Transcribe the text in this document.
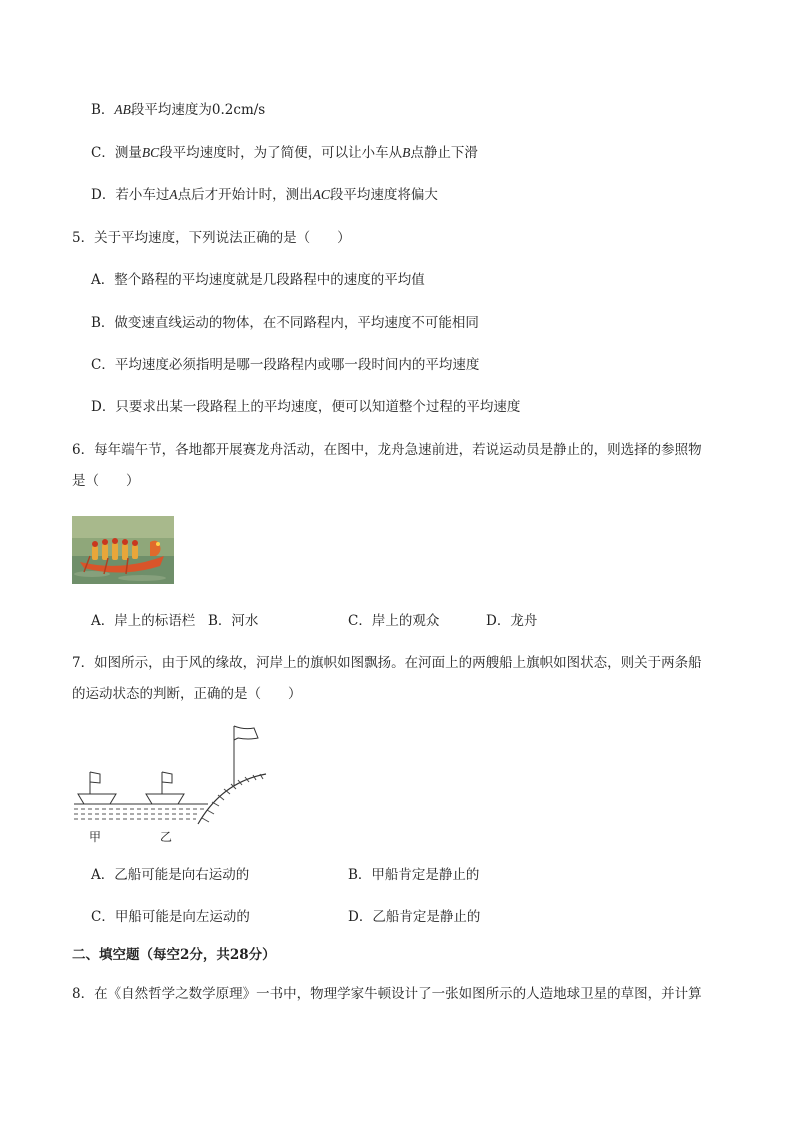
B．AB段平均速度为0.2cm/s
C．测量BC段平均速度时，为了简便，可以让小车从B点静止下滑
D．若小车过A点后才开始计时，测出AC段平均速度将偏大
5．关于平均速度，下列说法正确的是（　　）
A．整个路程的平均速度就是几段路程中的速度的平均值
B．做变速直线运动的物体，在不同路程内，平均速度不可能相同
C．平均速度必须指明是哪一段路程内或哪一段时间内的平均速度
D．只要求出某一段路程上的平均速度，便可以知道整个过程的平均速度
6．每年端午节，各地都开展赛龙舟活动，在图中，龙舟急速前进，若说运动员是静止的，则选择的参照物
是（　　）
A．岸上的标语栏 B．河水	C．岸上的观众	D．龙舟
7．如图所示，由于风的缘故，河岸上的旗帜如图飘扬。在河面上的两艘船上旗帜如图状态，则关于两条船
的运动状态的判断，正确的是（　　）
甲	乙
A．乙船可能是向右运动的	B．甲船肯定是静止的
C．甲船可能是向左运动的	D．乙船肯定是静止的
二、填空题（每空2分，共28分）
8．在《自然哲学之数学原理》一书中，物理学家牛顿设计了一张如图所示的人造地球卫星的草图，并计算
